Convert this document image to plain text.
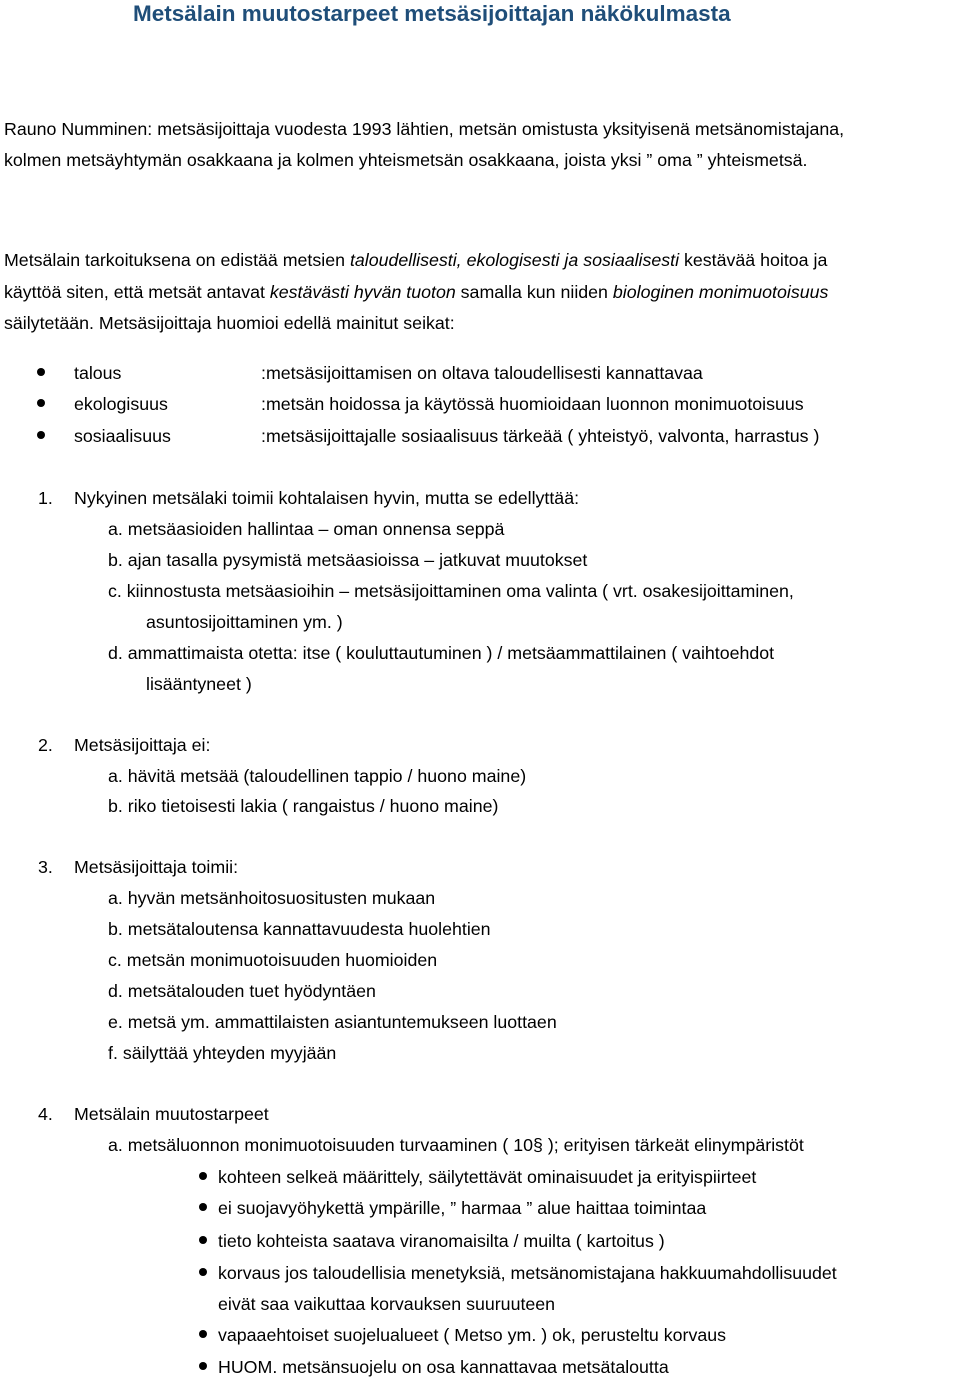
Metsälain muutostarpeet metsäsijoittajan näkökulmasta
Rauno Numminen: metsäsijoittaja vuodesta 1993 lähtien, metsän omistusta yksityisenä metsänomistajana,
kolmen metsäyhtymän osakkaana ja kolmen yhteismetsän osakkaana, joista yksi ” oma ” yhteismetsä.
Metsälain tarkoituksena on edistää metsien taloudellisesti, ekologisesti ja sosiaalisesti kestävää hoitoa ja
käyttöä siten, että metsät antavat kestävästi hyvän tuoton samalla kun niiden biologinen monimuotoisuus
säilytetään. Metsäsijoittaja huomioi edellä mainitut seikat:
talous	:metsäsijoittamisen on oltava taloudellisesti kannattavaa
ekologisuus	:metsän hoidossa ja käytössä huomioidaan luonnon monimuotoisuus
sosiaalisuus	:metsäsijoittajalle sosiaalisuus tärkeää ( yhteistyö, valvonta, harrastus )
1. Nykyinen metsälaki toimii kohtalaisen hyvin, mutta se edellyttää:
a. metsäasioiden hallintaa – oman onnensa seppä
b. ajan tasalla pysymistä metsäasioissa – jatkuvat muutokset
c. kiinnostusta metsäasioihin – metsäsijoittaminen oma valinta ( vrt. osakesijoittaminen,
asuntosijoittaminen ym. )
d. ammattimaista otetta: itse ( kouluttautuminen ) / metsäammattilainen ( vaihtoehdot
lisääntyneet )
2. Metsäsijoittaja ei:
a. hävitä metsää (taloudellinen tappio / huono maine)
b. riko tietoisesti lakia ( rangaistus / huono maine)
3. Metsäsijoittaja toimii:
a. hyvän metsänhoitosuositusten mukaan
b. metsätaloutensa kannattavuudesta huolehtien
c. metsän monimuotoisuuden huomioiden
d. metsätalouden tuet hyödyntäen
e. metsä ym. ammattilaisten asiantuntemukseen luottaen
f. säilyttää yhteyden myyjään
4. Metsälain muutostarpeet
a. metsäluonnon monimuotoisuuden turvaaminen ( 10§ ); erityisen tärkeät elinympäristöt
kohteen selkeä määrittely, säilytettävät ominaisuudet ja erityispiirteet
ei suojavyöhykettä ympärille, ” harmaa ” alue haittaa toimintaa
tieto kohteista saatava viranomaisilta / muilta ( kartoitus )
korvaus jos taloudellisia menetyksiä, metsänomistajana hakkuumahdollisuudet
eivät saa vaikuttaa korvauksen suuruuteen
vapaaehtoiset suojelualueet ( Metso ym. ) ok, perusteltu korvaus
HUOM. metsänsuojelu on osa kannattavaa metsätaloutta
